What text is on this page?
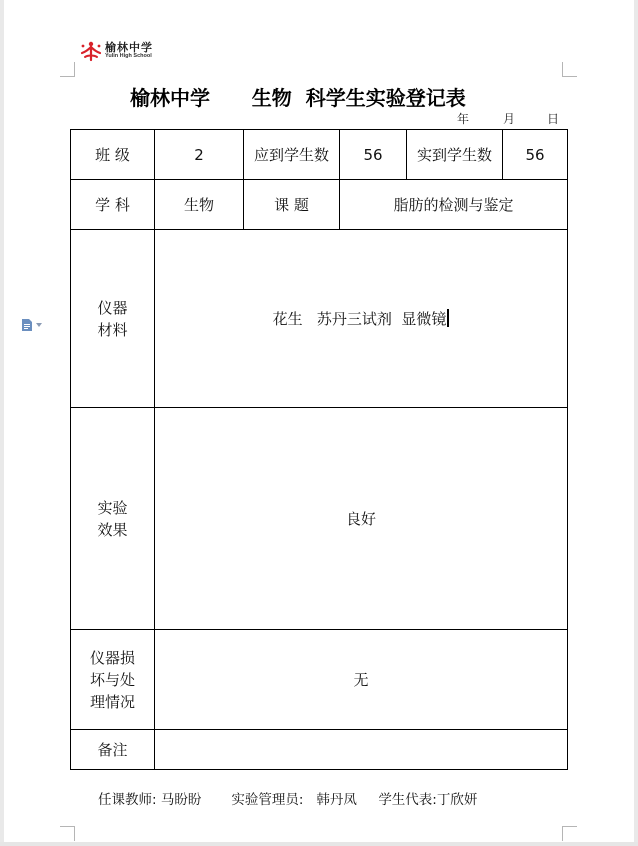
榆林中学
Yulin High School
榆林中学      生物  科学生实验登记表
年	月	日
班 级	2	应到学生数	56	实到学生数	56
学 科	生物	课 题	脂肪的检测与鉴定		
仪器
材料	花生   苏丹三试剂  显微镜				
实验
效果	良好				
仪器损
坏与处
理情况	无				
备注					
任课教师: 马盼盼 实验管理员: 韩丹凤 学生代表:丁欣妍
